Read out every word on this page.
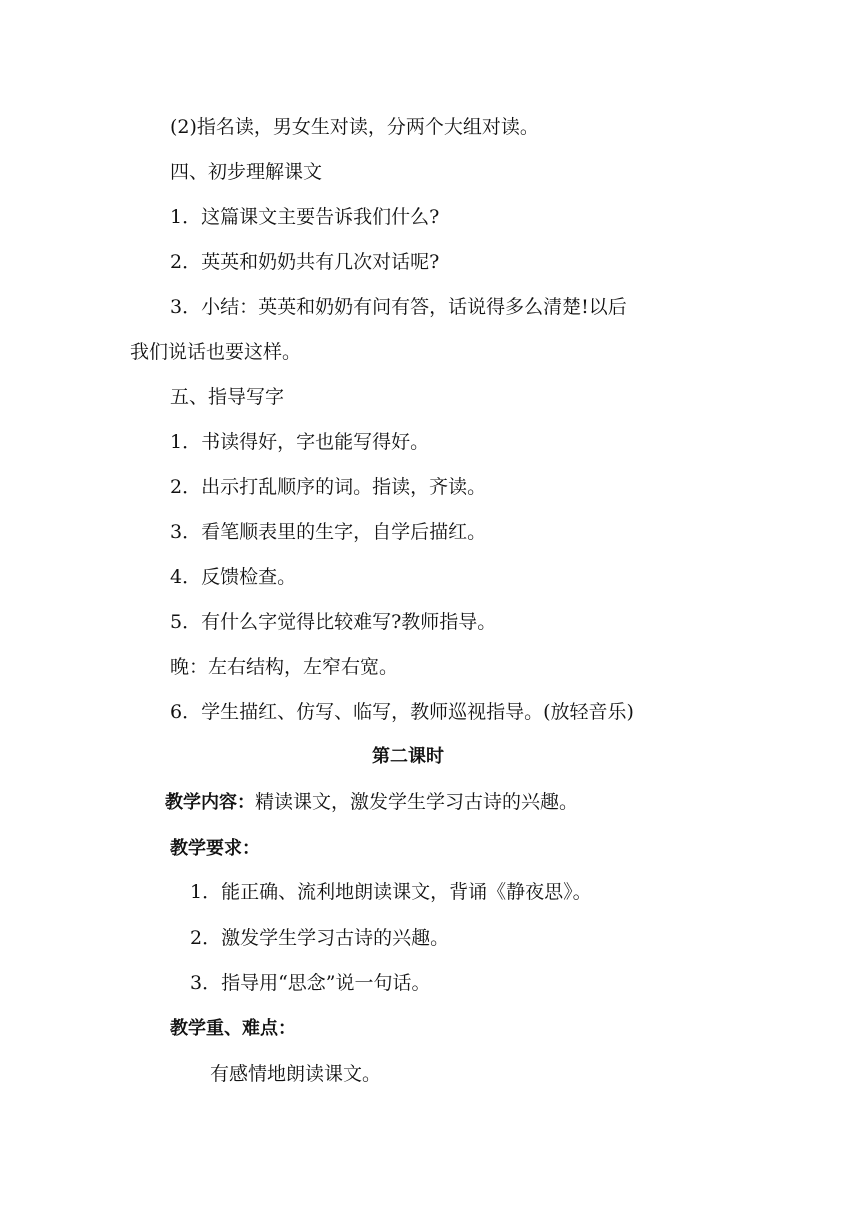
(2)指名读，男女生对读，分两个大组对读。
四、初步理解课文
1．这篇课文主要告诉我们什么?
2．英英和奶奶共有几次对话呢?
3．小结：英英和奶奶有问有答，话说得多么清楚!以后
我们说话也要这样。
五、指导写字
1．书读得好，字也能写得好。
2．出示打乱顺序的词。指读，齐读。
3．看笔顺表里的生字，自学后描红。
4．反馈检查。
5．有什么字觉得比较难写?教师指导。
晚：左右结构，左窄右宽。
6．学生描红、仿写、临写，教师巡视指导。(放轻音乐)
第二课时
教学内容：精读课文，激发学生学习古诗的兴趣。
教学要求：
1．能正确、流利地朗读课文，背诵《静夜思》。
2．激发学生学习古诗的兴趣。
3．指导用“思念”说一句话。
教学重、难点：
有感情地朗读课文。
